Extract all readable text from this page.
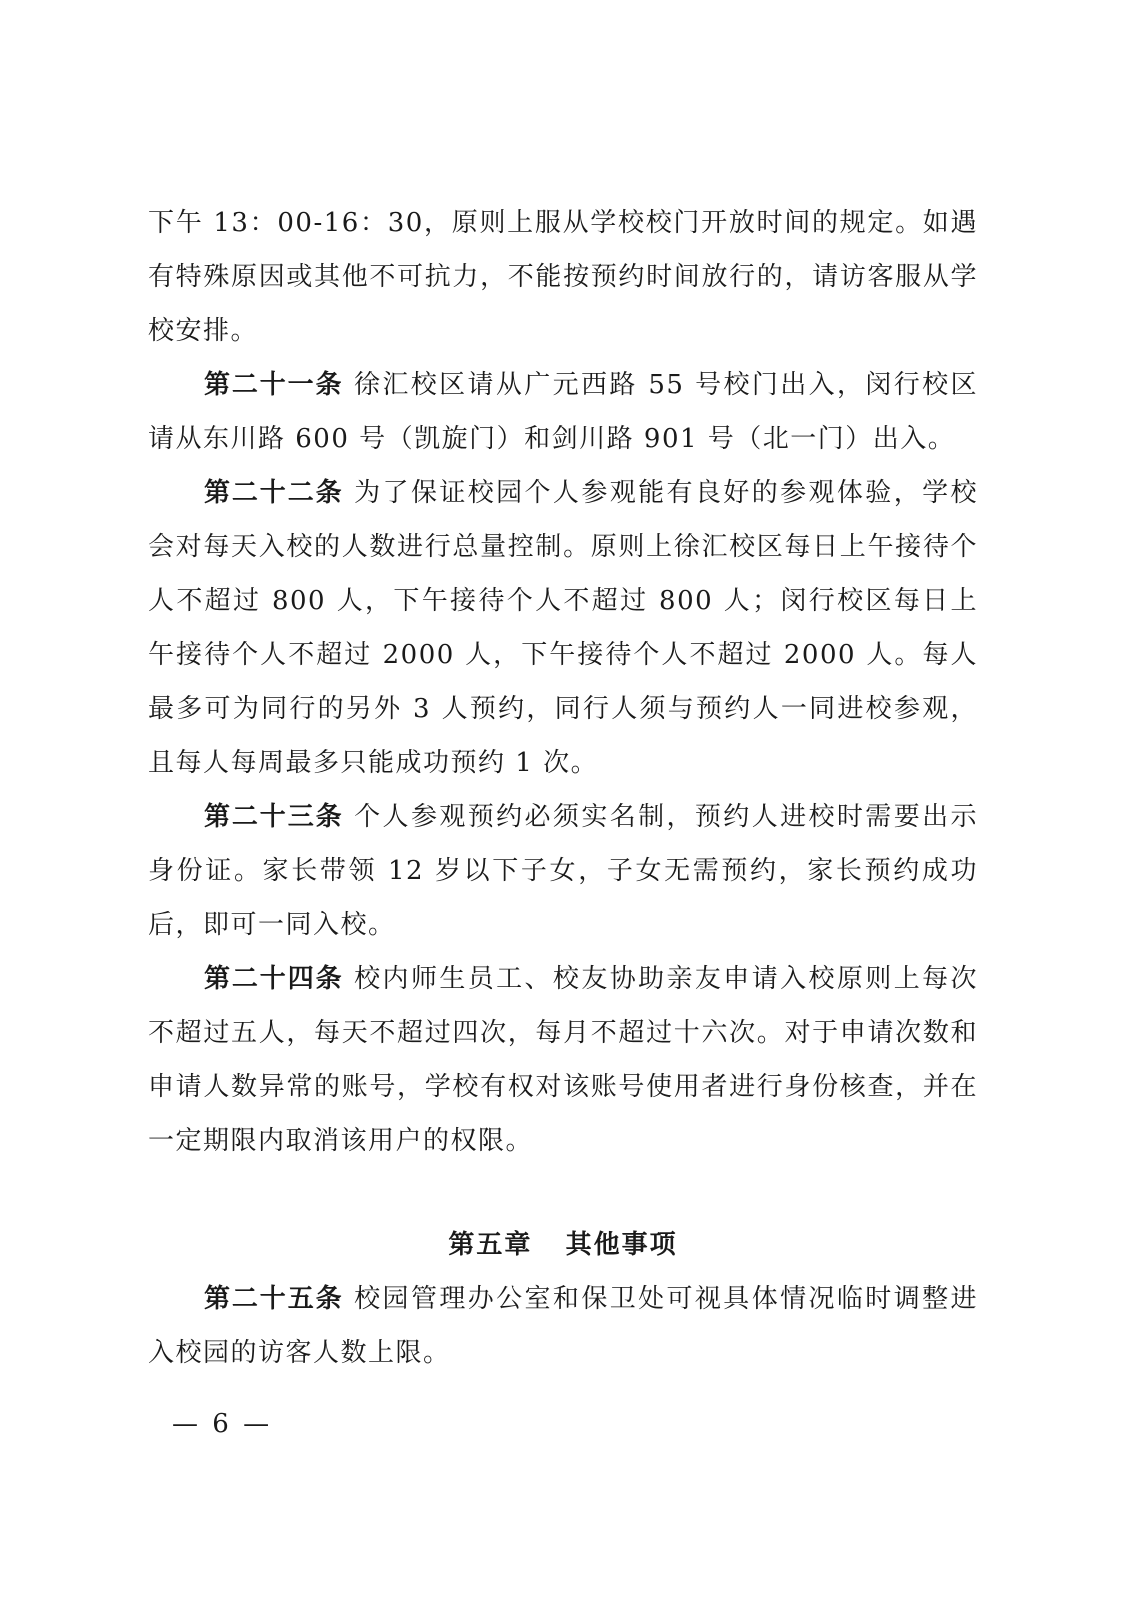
下午 13：00-16：30，原则上服从学校校门开放时间的规定。如遇有特殊原因或其他不可抗力，不能按预约时间放行的，请访客服从学校安排。

第二十一条 徐汇校区请从广元西路 55 号校门出入，闵行校区请从东川路 600 号（凯旋门）和剑川路 901 号（北一门）出入。

第二十二条 为了保证校园个人参观能有良好的参观体验，学校会对每天入校的人数进行总量控制。原则上徐汇校区每日上午接待个人不超过 800 人，下午接待个人不超过 800 人；闵行校区每日上午接待个人不超过 2000 人，下午接待个人不超过 2000 人。每人最多可为同行的另外 3 人预约，同行人须与预约人一同进校参观，且每人每周最多只能成功预约 1 次。

第二十三条 个人参观预约必须实名制，预约人进校时需要出示身份证。家长带领 12 岁以下子女，子女无需预约，家长预约成功后，即可一同入校。

第二十四条 校内师生员工、校友协助亲友申请入校原则上每次不超过五人，每天不超过四次，每月不超过十六次。对于申请次数和申请人数异常的账号，学校有权对该账号使用者进行身份核查，并在一定期限内取消该用户的权限。

第五章   其他事项

第二十五条 校园管理办公室和保卫处可视具体情况临时调整进入校园的访客人数上限。

— 6 —
